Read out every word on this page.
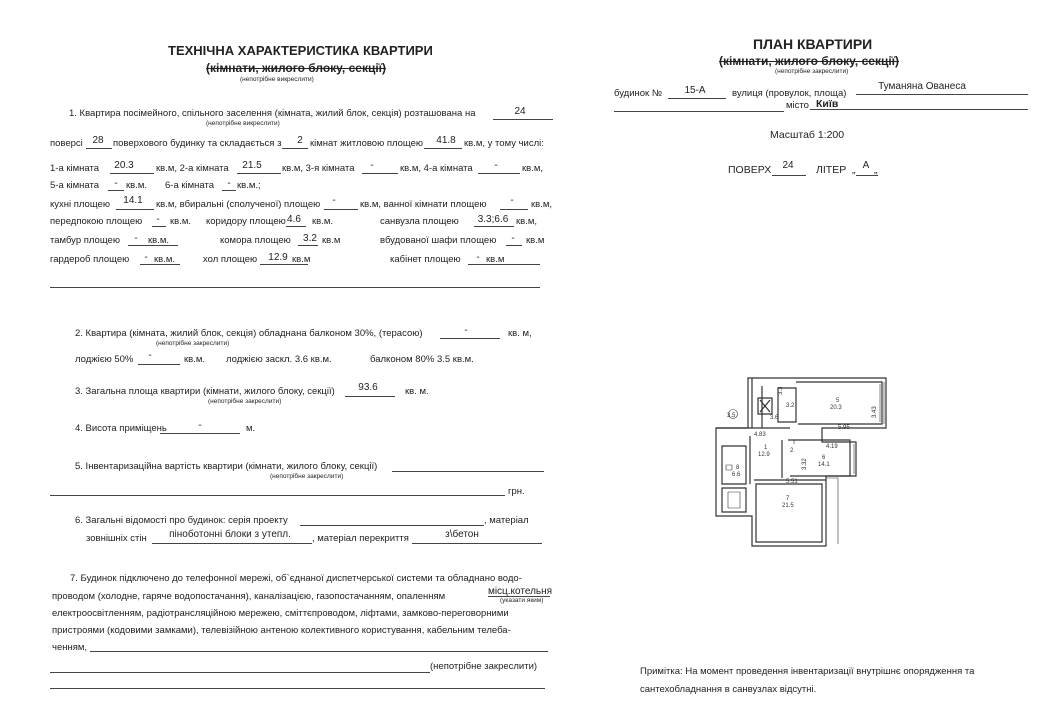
ТЕХНІЧНА ХАРАКТЕРИСТИКА КВАРТИРИ
(кімнати, жилого блоку, секції)
(непотрібне викреслити)
1. Квартира посімейного, спільного заселення (кімната, жилий блок, секція) розташована на	24
(непотрібне викреслити)
поверсі 28 поверхового будинку та складається з 2 кімнат житловою площею 41.8 кв.м, у тому числі:
1-а кімната 20.3 кв.м, 2-а кімната 21.5 кв.м, 3-я кімната -	кв.м, 4-а кімната -	кв.м,
5-а кімната - кв.м. 6-а кімната - кв.м.;
кухні площею 14.1 кв.м, вбиральні (сполученої) площею -	кв.м, ванної кімнати площею - кв.м,
передпокою площею - кв.м. коридору площею 4.6 кв.м.	санвузла площею 3.3;6.6 кв.м,
тамбур площею - кв.м.	комора площею 3.2 кв.м	вбудованої шафи площею - кв.м
гардероб площею - кв.м.	хол площею 12.9 кв.м	кабінет площею - кв.м
2. Квартира (кімната, жилий блок, секція) обладнана балконом 30%, (терасою)	-	кв. м,
(непотрібне закреслити)
лоджією 50% -	кв.м. лоджією заскл. 3.6 кв.м.	балконом 80% 3.5 кв.м.
3. Загальна площа квартири (кімнати, жилого блоку, секції) 93.6	кв. м.
(непотрібне закреслити)
4. Висота приміщень	-	м.
5. Інвентаризаційна вартість квартири (кімнати, жилого блоку, секції)
(непотрібне закреслити)
грн.
6. Загальні відомості про будинок: серія проекту	, матеріал
зовнішніх стін піноботонні блоки з утепл. , матеріал перекриття	з\бетон
7. Будинок підключено до телефонної мережі, об`єднаної диспетчерської системи та обладнано водо-
проводом (холодне, гаряче водопостачання), каналізацією, газопостачанням, опаленням	місц.котельня
(указати яким)
електроосвітленням, радіотрансляційною мережею, сміттєпроводом, ліфтами, замково-переговорними
пристроями (кодовими замками), телевізійною антеною колективного користування, кабельним телеба-
ченням,
(непотрібне закреслити)
ПЛАН КВАРТИРИ
(кімнати, жилого блоку, секції)
(непотрібне закреслити)
будинок № 15-А	вулиця (провулок, площа)
Туманяна Ованеса
місто Київ
Масштаб 1:200
ПОВЕРХ 24 ЛІТЕР „ А „
3.3
3.2
5
20.3	3.43
4.83
5.95
1
12.9
2
4.19
6
14.1
3.32
8
6.6
5.51
7
21.5
3.6
3.5
Примітка: На момент проведення інвентаризації внутрішнє опорядження та
сантехобладнання в санвузлах відсутні.
